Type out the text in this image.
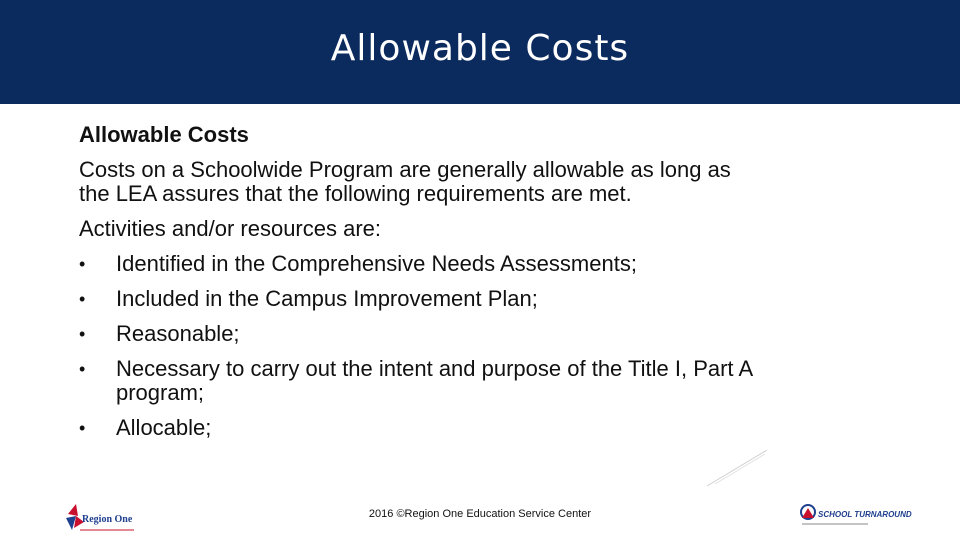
Allowable Costs
Allowable Costs
Costs on a Schoolwide Program are generally allowable as long as the LEA assures that the following requirements are met.
Activities and/or resources are:
• Identified in the Comprehensive Needs Assessments;
• Included in the Campus Improvement Plan;
• Reasonable;
• Necessary to carry out the intent and purpose of the Title I, Part A program;
• Allocable;
Region One	SCHOOL TURNAROUND
2016 ©Region One Education Service Center
